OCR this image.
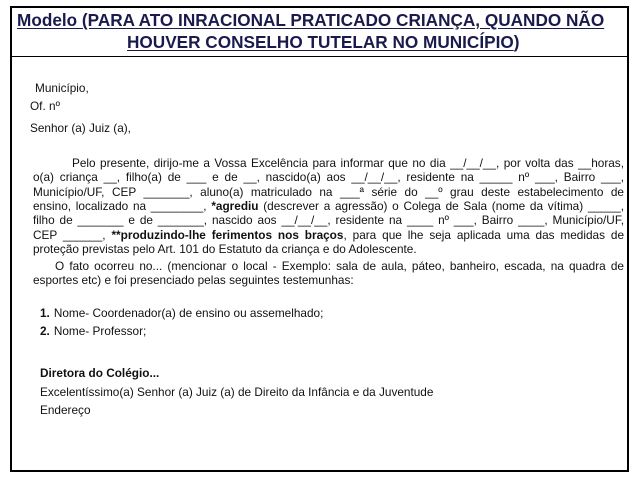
Modelo (PARA ATO INRACIONAL PRATICADO CRIANÇA, QUANDO NÃO
HOUVER CONSELHO TUTELAR NO MUNICÍPIO)
Município,
Of. nº
Senhor (a) Juiz (a),
Pelo presente, dirijo-me a Vossa Excelência para informar que no dia __/__/__, por volta das __horas,
o(a) criança __, filho(a) de ___ e de __, nascido(a) aos __/__/__, residente na _____ nº ___, Bairro ___,
Município/UF, CEP _______, aluno(a) matriculado na ___ª série do __º grau deste estabelecimento de
ensino, localizado na ________, *agrediu (descrever a agressão) o Colega de Sala (nome da vítima) _____,
filho de _______ e de _______, nascido aos __/__/__, residente na ____ nº ___, Bairro ____, Município/UF,
CEP ______, **produzindo-lhe ferimentos nos braços, para que lhe seja aplicada uma das medidas de
proteção previstas pelo Art. 101 do Estatuto da criança e do Adolescente.
O fato ocorreu no... (mencionar o local - Exemplo: sala de aula, páteo, banheiro, escada, na quadra de
esportes etc) e foi presenciado pelas seguintes testemunhas:
1. Nome- Coordenador(a) de ensino ou assemelhado;
2. Nome- Professor;
Diretora do Colégio...
Excelentíssimo(a) Senhor (a) Juiz (a) de Direito da Infância e da Juventude
Endereço
